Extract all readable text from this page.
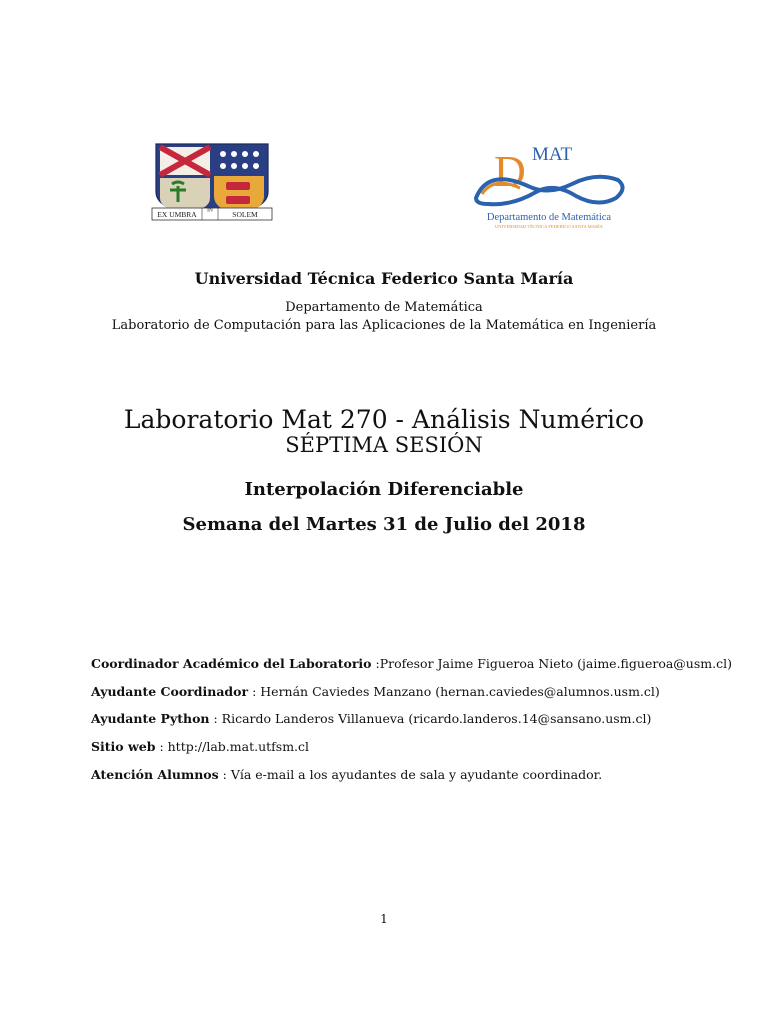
EX UMBRA IN	SOLEM
D MAT
Departamento de Matemática
UNIVERSIDAD TÉCNICA FEDERICO SANTA MARÍA
Universidad Técnica Federico Santa María
Departamento de Matemática
Laboratorio de Computación para las Aplicaciones de la Matemática en Ingeniería
Laboratorio Mat 270 - Análisis Numérico
SÉPTIMA SESIÓN
Interpolación Diferenciable
Semana del Martes 31 de Julio del 2018
Coordinador Académico del Laboratorio :Profesor Jaime Figueroa Nieto (jaime.figueroa@usm.cl)
Ayudante Coordinador : Hernán Caviedes Manzano (hernan.caviedes@alumnos.usm.cl)
Ayudante Python : Ricardo Landeros Villanueva (ricardo.landeros.14@sansano.usm.cl)
Sitio web : http://lab.mat.utfsm.cl
Atención Alumnos : Vía e-mail a los ayudantes de sala y ayudante coordinador.
1
